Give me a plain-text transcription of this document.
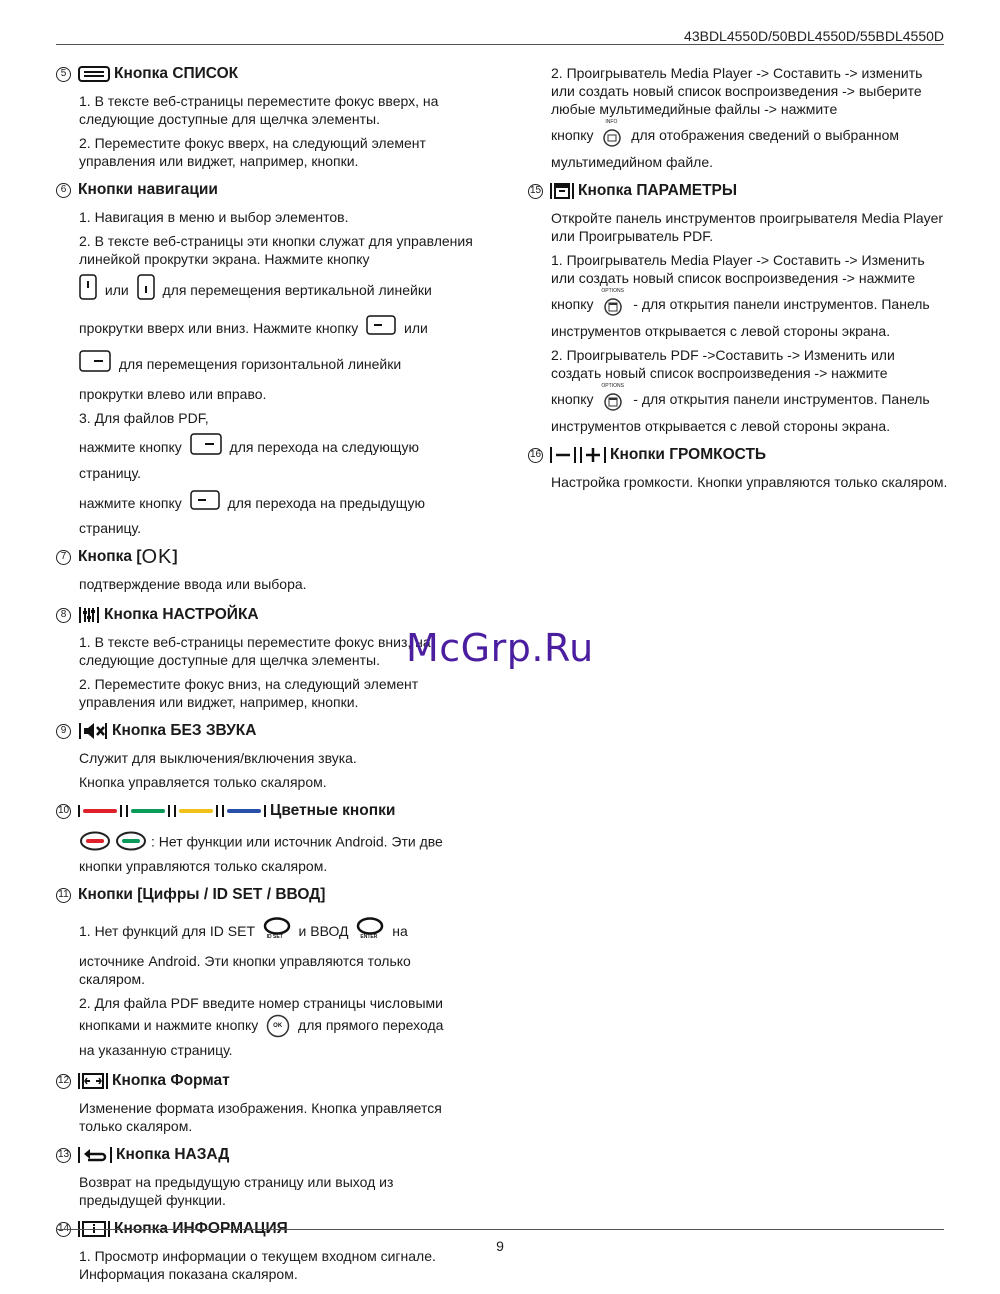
43BDL4550D/50BDL4550D/55BDL4550D
5	Кнопка СПИСОК
1. В тексте веб-страницы переместите фокус вверх, на следующие доступные для щелчка элементы.
2. Переместите фокус вверх, на следующий элемент управления или виджет, например, кнопки.
6 Кнопки навигации
1. Навигация в меню и выбор элементов.
2. В тексте веб-страницы эти кнопки служат для управления линейкой прокрутки экрана. Нажмите кнопку
или для перемещения вертикальной линейки
прокрутки вверх или вниз. Нажмите кнопку	или
для перемещения горизонтальной линейки
прокрутки влево или вправо.
3. Для файлов PDF,
нажмите кнопку	для перехода на следующую
страницу.
нажмите кнопку	для перехода на предыдущую
страницу.
7 Кнопка [ OK ]
подтверждение ввода или выбора.
8	Кнопка НАСТРОЙКА
1. В тексте веб-страницы переместите фокус вниз, на следующие доступные для щелчка элементы.
2. Переместите фокус вниз, на следующий элемент управления или виджет, например, кнопки.
9	Кнопка БЕЗ ЗВУКА
Служит для выключения/включения звука.
Кнопка управляется только скаляром.
10	Цветные кнопки
: Нет функции или источник Android. Эти две
кнопки управляются только скаляром.
11 Кнопки [Цифры / ID SET / ВВОД]
1. Нет функций для ID SET ID SET и ВВОД ENTER на
источнике Android. Эти кнопки управляются только скаляром.
2. Для файла PDF введите номер страницы числовыми
кнопками и нажмите кнопку OK для прямого перехода
на указанную страницу.
12	Кнопка Формат
Изменение формата изображения. Кнопка управляется только скаляром.
13	Кнопка НАЗАД
Возврат на предыдущую страницу или выход из предыдущей функции.
14	Кнопка ИНФОРМАЦИЯ
1. Просмотр информации о текущем входном сигнале. Информация показана скаляром.
2. Проигрыватель Media Player -> Составить -> изменить или создать новый список воспроизведения -> выберите любые мультимедийные файлы -> нажмите
кнопку
INFO
для отображения сведений о выбранном
мультимедийном файле.
15 Кнопка ПАРАМЕТРЫ
Откройте панель инструментов проигрывателя Media Player или Проигрыватель PDF.
1. Проигрыватель Media Player -> Составить -> Изменить или создать новый список воспроизведения -> нажмите
кнопку
OPTIONS
- для открытия панели инструментов. Панель
инструментов открывается с левой стороны экрана.
2. Проигрыватель PDF ->Составить -> Изменить или создать новый список воспроизведения -> нажмите
кнопку
OPTIONS
- для открытия панели инструментов. Панель
инструментов открывается с левой стороны экрана.
16	Кнопки ГРОМКОСТЬ
Настройка громкости. Кнопки управляются только скаляром.
McGrp.Ru
9
